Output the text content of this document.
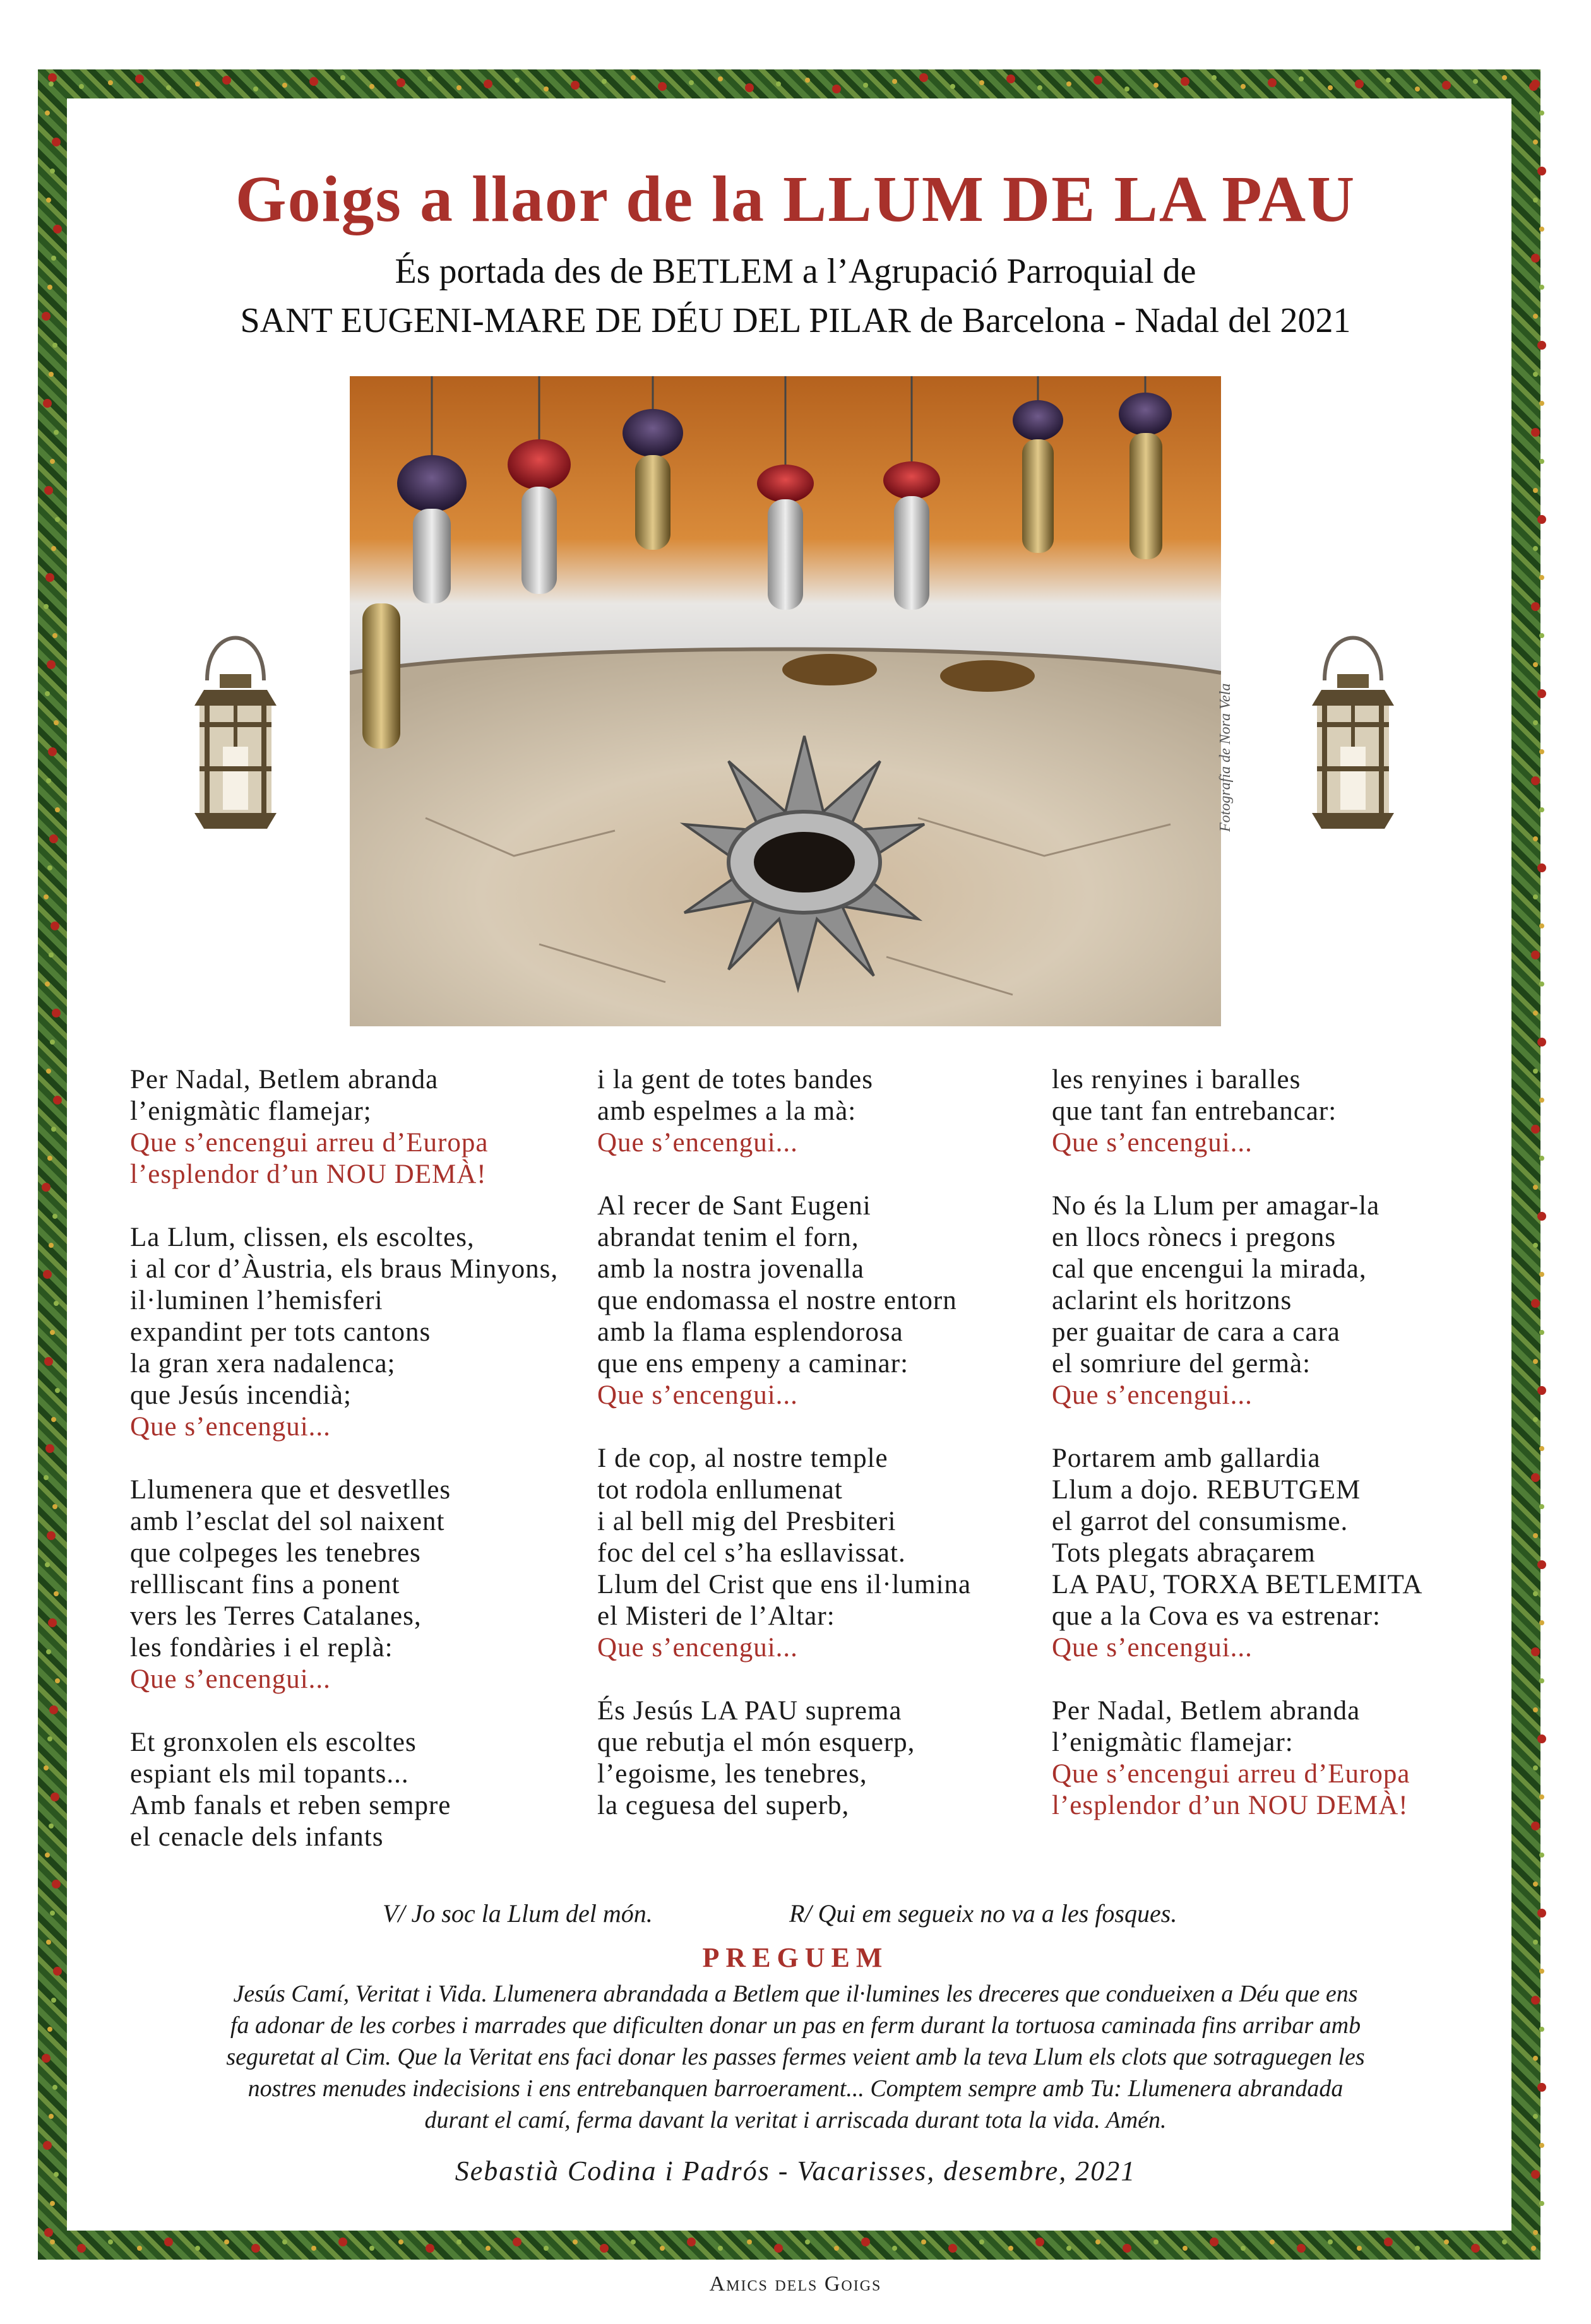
Goigs a llaor de la LLUM DE LA PAU
És portada des de BETLEM a l’Agrupació Parroquial de
SANT EUGENI-MARE DE DÉU DEL PILAR de Barcelona - Nadal del 2021
Fotografia de Nora Vela
Per Nadal, Betlem abranda
l’enigmàtic flamejar;
Que s’encengui arreu d’Europa
l’esplendor d’un NOU DEMÀ!
La Llum, clissen, els escoltes,
i al cor d’Àustria, els braus Minyons,
il·luminen l’hemisferi
expandint per tots cantons
la gran xera nadalenca;
que Jesús incendià;
Que s’encengui...
Llumenera que et desvetlles
amb l’esclat del sol naixent
que colpeges les tenebres
rellliscant fins a ponent
vers les Terres Catalanes,
les fondàries i el replà:
Que s’encengui...
Et gronxolen els escoltes
espiant els mil topants...
Amb fanals et reben sempre
el cenacle dels infants
i la gent de totes bandes
amb espelmes a la mà:
Que s’encengui...
Al recer de Sant Eugeni
abrandat tenim el forn,
amb la nostra jovenalla
que endomassa el nostre entorn
amb la flama esplendorosa
que ens empeny a caminar:
Que s’encengui...
I de cop, al nostre temple
tot rodola enllumenat
i al bell mig del Presbiteri
foc del cel s’ha esllavissat.
Llum del Crist que ens il·lumina
el Misteri de l’Altar:
Que s’encengui...
És Jesús LA PAU suprema
que rebutja el món esquerp,
l’egoisme, les tenebres,
la ceguesa del superb,
les renyines i baralles
que tant fan entrebancar:
Que s’encengui...
No és la Llum per amagar-la
en llocs rònecs i pregons
cal que encengui la mirada,
aclarint els horitzons
per guaitar de cara a cara
el somriure del germà:
Que s’encengui...
Portarem amb gallardia
Llum a dojo. REBUTGEM
el garrot del consumisme.
Tots plegats abraçarem
LA PAU, TORXA BETLEMITA
que a la Cova es va estrenar:
Que s’encengui...
Per Nadal, Betlem abranda
l’enigmàtic flamejar:
Que s’encengui arreu d’Europa
l’esplendor d’un NOU DEMÀ!
V/ Jo soc la Llum del món.	R/ Qui em segueix no va a les fosques.
PREGUEM
Jesús Camí, Veritat i Vida. Llumenera abrandada a Betlem que il·lumines les dreceres que condueixen a Déu que ens
fa adonar de les corbes i marrades que dificulten donar un pas en ferm durant la tortuosa caminada fins arribar amb
seguretat al Cim. Que la Veritat ens faci donar les passes fermes veient amb la teva Llum els clots que sotraguegen les
nostres menudes indecisions i ens entrebanquen barroerament... Comptem sempre amb Tu: Llumenera abrandada
durant el camí, ferma davant la veritat i arriscada durant tota la vida. Amén.
Sebastià Codina i Padrós - Vacarisses, desembre, 2021
Amics dels Goigs
